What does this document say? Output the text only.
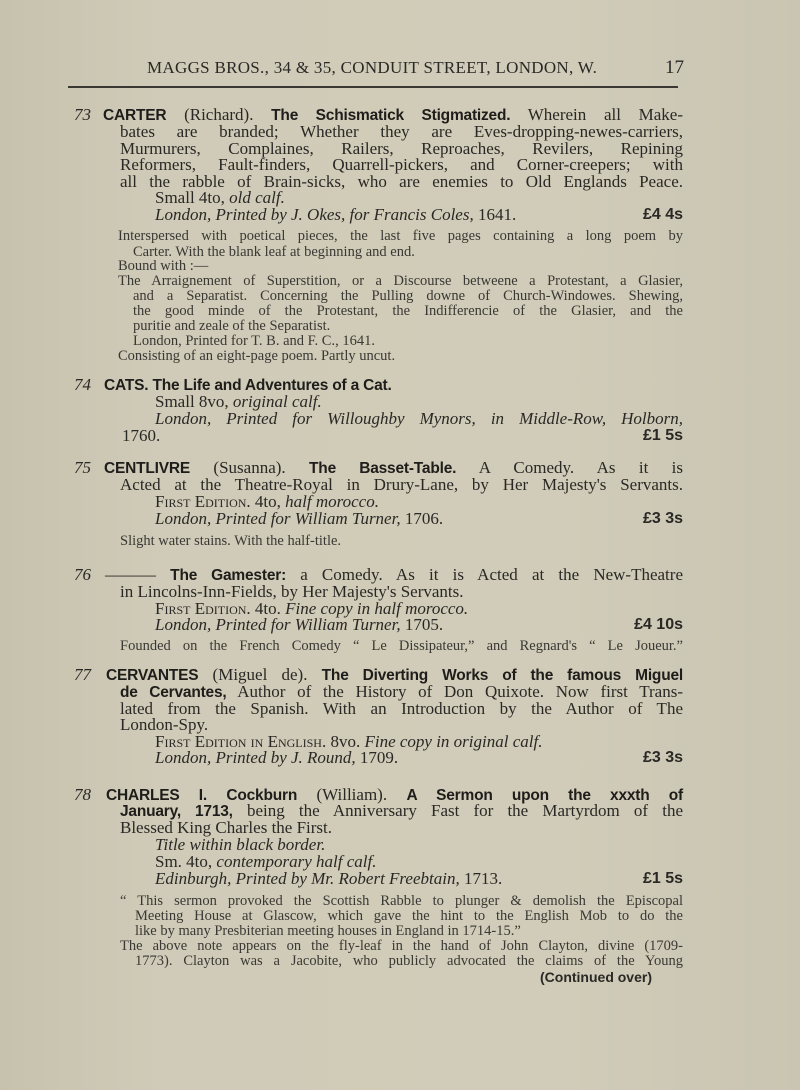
MAGGS BROS., 34 & 35, CONDUIT STREET, LONDON, W.	17
73 CARTER (Richard). The Schismatick Stigmatized. Wherein all Make-
bates are branded; Whether they are Eves-dropping-newes-carriers,
Murmurers, Complaines, Railers, Reproaches, Revilers, Repining
Reformers, Fault-finders, Quarrell-pickers, and Corner-creepers; with
all the rabble of Brain-sicks, who are enemies to Old Englands Peace.
Small 4to, old calf.
London, Printed by J. Okes, for Francis Coles, 1641.	£4 4s
Interspersed with poetical pieces, the last five pages containing a long poem by
Carter. With the blank leaf at beginning and end.
Bound with :—
The Arraignement of Superstition, or a Discourse betweene a Protestant, a Glasier,
and a Separatist. Concerning the Pulling downe of Church-Windowes. Shewing,
the good minde of the Protestant, the Indifferencie of the Glasier, and the
puritie and zeale of the Separatist.
London, Printed for T. B. and F. C., 1641.
Consisting of an eight-page poem. Partly uncut.
74 CATS. The Life and Adventures of a Cat.
Small 8vo, original calf.
London, Printed for Willoughby Mynors, in Middle-Row, Holborn,
1760.	£1 5s
75 CENTLIVRE (Susanna). The Basset-Table. A Comedy. As it is
Acted at the Theatre-Royal in Drury-Lane, by Her Majesty's Servants.
First Edition. 4to, half morocco.
London, Printed for William Turner, 1706.	£3 3s
Slight water stains. With the half-title.
76 ——— The Gamester: a Comedy. As it is Acted at the New-Theatre
in Lincolns-Inn-Fields, by Her Majesty's Servants.
First Edition. 4to. Fine copy in half morocco.
London, Printed for William Turner, 1705.	£4 10s
Founded on the French Comedy “ Le Dissipateur,” and Regnard's “ Le Joueur.”
77 CERVANTES (Miguel de). The Diverting Works of the famous Miguel
de Cervantes, Author of the History of Don Quixote. Now first Trans-
lated from the Spanish. With an Introduction by the Author of The
London-Spy.
First Edition in English. 8vo. Fine copy in original calf.
London, Printed by J. Round, 1709.	£3 3s
78 CHARLES I. Cockburn (William). A Sermon upon the xxxth of
January, 1713, being the Anniversary Fast for the Martyrdom of the
Blessed King Charles the First.
Title within black border.
Sm. 4to, contemporary half calf.
Edinburgh, Printed by Mr. Robert Freebtain, 1713.	£1 5s
“ This sermon provoked the Scottish Rabble to plunger & demolish the Episcopal
Meeting House at Glascow, which gave the hint to the English Mob to do the
like by many Presbiterian meeting houses in England in 1714-15.”
The above note appears on the fly-leaf in the hand of John Clayton, divine (1709-
1773). Clayton was a Jacobite, who publicly advocated the claims of the Young
(Continued over)
